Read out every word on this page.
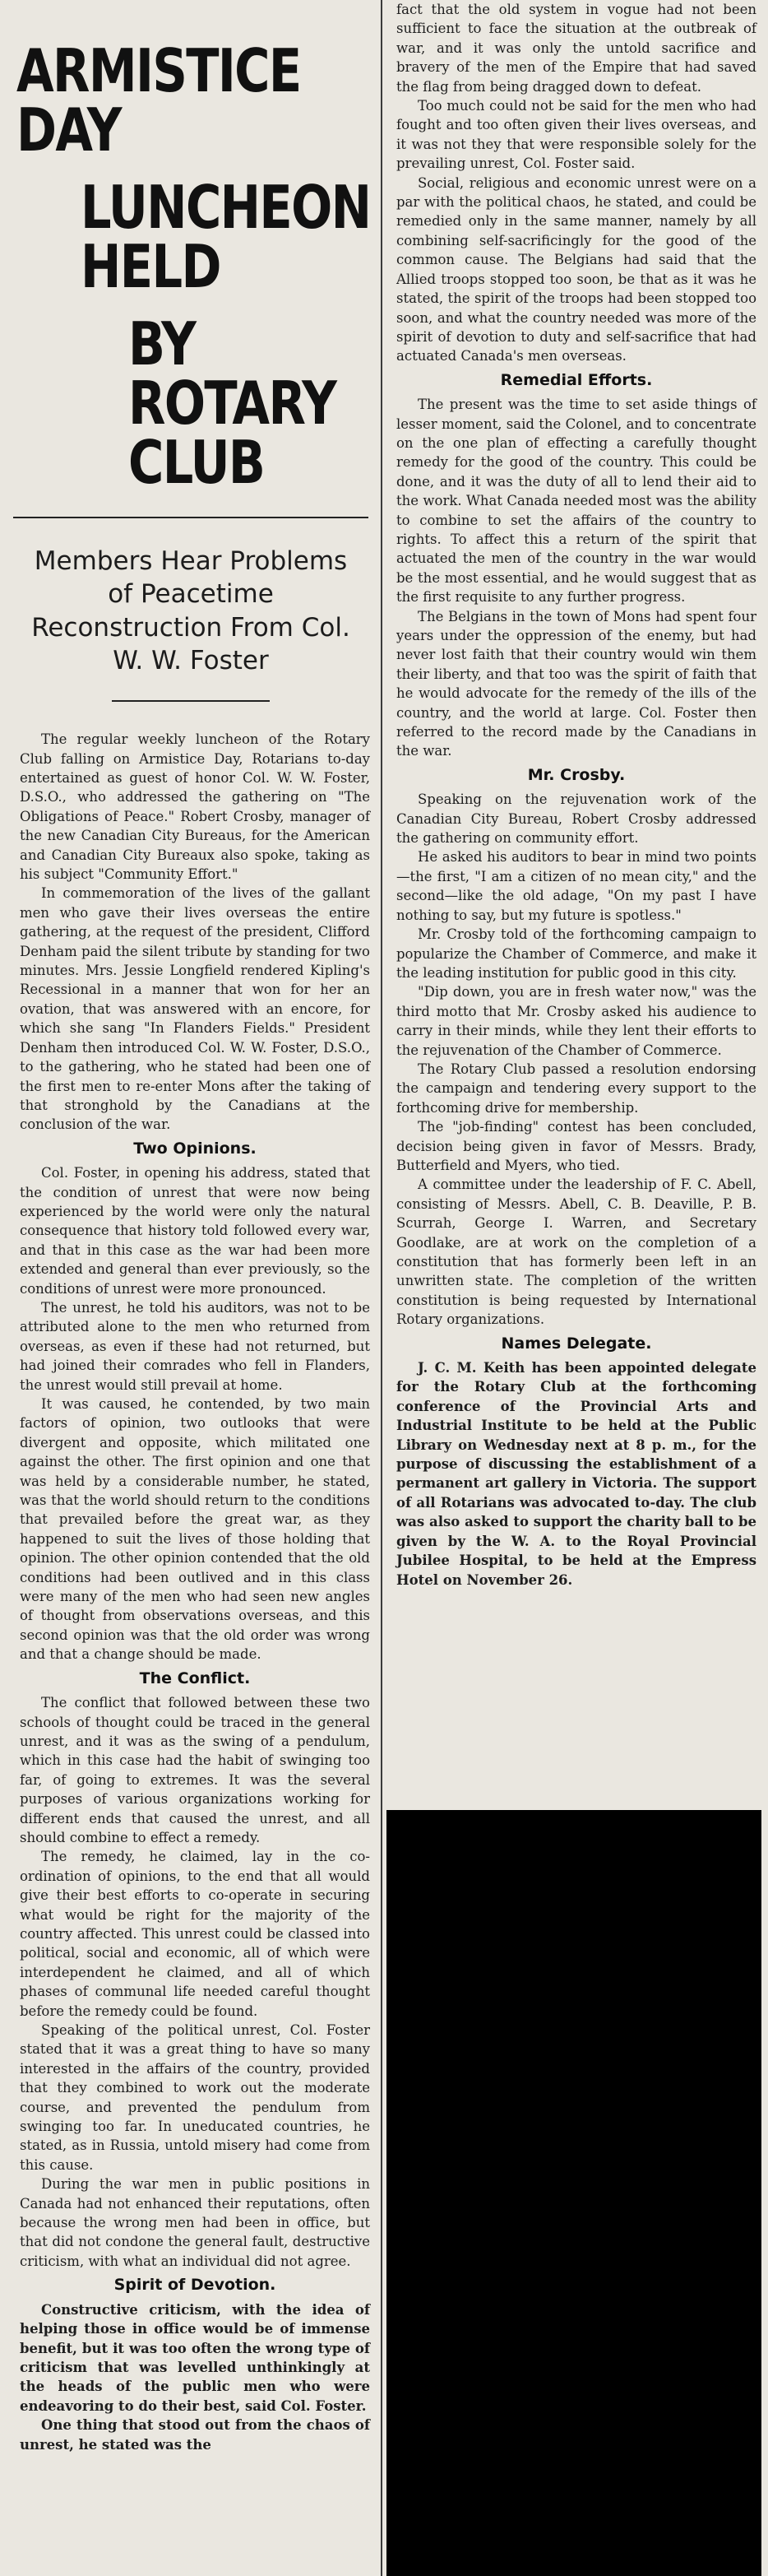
ARMISTICE DAY
LUNCHEON HELD
BY ROTARY CLUB
Members Hear Problems of Peacetime Reconstruction From Col. W. W. Foster

The regular weekly luncheon of the Rotary Club falling on Armistice Day, Rotarians to-day entertained as guest of honor Col. W. W. Foster, D.S.O., who addressed the gathering on "The Obligations of Peace." Robert Crosby, manager of the new Canadian City Bureaus, for the American and Canadian City Bureaux also spoke, taking as his subject "Community Effort."

In commemoration of the lives of the gallant men who gave their lives overseas the entire gathering, at the request of the president, Clifford Denham paid the silent tribute by standing for two minutes. Mrs. Jessie Longfield rendered Kipling's Recessional in a manner that won for her an ovation, that was answered with an encore, for which she sang "In Flanders Fields." President Denham then introduced Col. W. W. Foster, D.S.O., to the gathering, who he stated had been one of the first men to re-enter Mons after the taking of that stronghold by the Canadians at the conclusion of the war.

Two Opinions.

Col. Foster, in opening his address, stated that the condition of unrest that were now being experienced by the world were only the natural consequence that history told followed every war, and that in this case as the war had been more extended and general than ever previously, so the conditions of unrest were more pronounced.

The unrest, he told his auditors, was not to be attributed alone to the men who returned from overseas, as even if these had not returned, but had joined their comrades who fell in Flanders, the unrest would still prevail at home.

It was caused, he contended, by two main factors of opinion, two outlooks that were divergent and opposite, which militated one against the other. The first opinion and one that was held by a considerable number, he stated, was that the world should return to the conditions that prevailed before the great war, as they happened to suit the lives of those holding that opinion. The other opinion contended that the old conditions had been outlived and in this class were many of the men who had seen new angles of thought from observations overseas, and this second opinion was that the old order was wrong and that a change should be made.

The Conflict.

The conflict that followed between these two schools of thought could be traced in the general unrest, and it was as the swing of a pendulum, which in this case had the habit of swinging too far, of going to extremes. It was the several purposes of various organizations working for different ends that caused the unrest, and all should combine to effect a remedy.

The remedy, he claimed, lay in the co-ordination of opinions, to the end that all would give their best efforts to co-operate in securing what would be right for the majority of the country affected. This unrest could be classed into political, social and economic, all of which were interdependent he claimed, and all of which phases of communal life needed careful thought before the remedy could be found.

Speaking of the political unrest, Col. Foster stated that it was a great thing to have so many interested in the affairs of the country, provided that they combined to work out the moderate course, and prevented the pendulum from swinging too far. In uneducated countries, he stated, as in Russia, untold misery had come from this cause.

During the war men in public positions in Canada had not enhanced their reputations, often because the wrong men had been in office, but that did not condone the general fault, destructive criticism, with what an individual did not agree.

Spirit of Devotion.

Constructive criticism, with the idea of helping those in office would be of immense benefit, but it was too often the wrong type of criticism that was levelled unthinkingly at the heads of the public men who were endeavoring to do their best, said Col. Foster.

One thing that stood out from the chaos of unrest, he stated was the

fact that the old system in vogue had not been sufficient to face the situation at the outbreak of war, and it was only the untold sacrifice and bravery of the men of the Empire that had saved the flag from being dragged down to defeat.

Too much could not be said for the men who had fought and too often given their lives overseas, and it was not they that were responsible solely for the prevailing unrest, Col. Foster said.

Social, religious and economic unrest were on a par with the political chaos, he stated, and could be remedied only in the same manner, namely by all combining self-sacrificingly for the good of the common cause. The Belgians had said that the Allied troops stopped too soon, be that as it was he stated, the spirit of the troops had been stopped too soon, and what the country needed was more of the spirit of devotion to duty and self-sacrifice that had actuated Canada's men overseas.

Remedial Efforts.

The present was the time to set aside things of lesser moment, said the Colonel, and to concentrate on the one plan of effecting a carefully thought remedy for the good of the country. This could be done, and it was the duty of all to lend their aid to the work. What Canada needed most was the ability to combine to set the affairs of the country to rights. To affect this a return of the spirit that actuated the men of the country in the war would be the most essential, and he would suggest that as the first requisite to any further progress.

The Belgians in the town of Mons had spent four years under the oppression of the enemy, but had never lost faith that their country would win them their liberty, and that too was the spirit of faith that he would advocate for the remedy of the ills of the country, and the world at large. Col. Foster then referred to the record made by the Canadians in the war.

Mr. Crosby.

Speaking on the rejuvenation work of the Canadian City Bureau, Robert Crosby addressed the gathering on community effort.

He asked his auditors to bear in mind two points—the first, "I am a citizen of no mean city," and the second—like the old adage, "On my past I have nothing to say, but my future is spotless."

Mr. Crosby told of the forthcoming campaign to popularize the Chamber of Commerce, and make it the leading institution for public good in this city.

"Dip down, you are in fresh water now," was the third motto that Mr. Crosby asked his audience to carry in their minds, while they lent their efforts to the rejuvenation of the Chamber of Commerce.

The Rotary Club passed a resolution endorsing the campaign and tendering every support to the forthcoming drive for membership.

The "job-finding" contest has been concluded, decision being given in favor of Messrs. Brady, Butterfield and Myers, who tied.

A committee under the leadership of F. C. Abell, consisting of Messrs. Abell, C. B. Deaville, P. B. Scurrah, George I. Warren, and Secretary Goodlake, are at work on the completion of a constitution that has formerly been left in an unwritten state. The completion of the written constitution is being requested by International Rotary organizations.

Names Delegate.

J. C. M. Keith has been appointed delegate for the Rotary Club at the forthcoming conference of the Provincial Arts and Industrial Institute to be held at the Public Library on Wednesday next at 8 p. m., for the purpose of discussing the establishment of a permanent art gallery in Victoria. The support of all Rotarians was advocated to-day. The club was also asked to support the charity ball to be given by the W. A. to the Royal Provincial Jubilee Hospital, to be held at the Empress Hotel on November 26.
